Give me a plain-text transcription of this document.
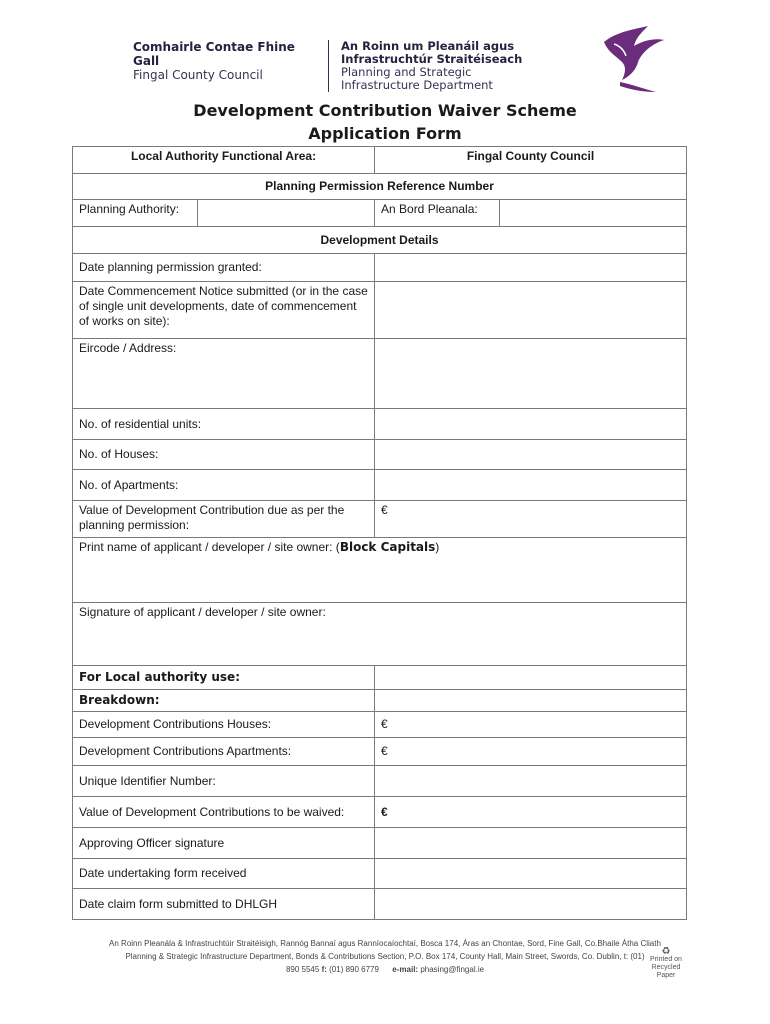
Comhairle Contae Fhine Gall
Fingal County Council
An Roinn um Pleanáil agus
Infrastruchtúr Straitéiseach
Planning and Strategic
Infrastructure Department
Development Contribution Waiver Scheme
Application Form
Local Authority Functional Area:		Fingal County Council	
Planning Permission Reference Number			
Planning Authority:		An Bord Pleanala:	
Development Details			
Date planning permission granted:			
Date Commencement Notice submitted (or in the case of single unit developments, date of commencement of works on site):			
Eircode / Address:			
No. of residential units:			
No. of Houses:			
No. of Apartments:			
Value of Development Contribution due as per the planning permission:		€	
Print name of applicant / developer / site owner: (Block Capitals)			
Signature of applicant / developer / site owner:			
For Local authority use:			
Breakdown:			
Development Contributions Houses:		€	
Development Contributions Apartments:		€	
Unique Identifier Number:			
Value of Development Contributions to be waived:		€	
Approving Officer signature			
Date undertaking form received			
Date claim form submitted to DHLGH			
An Roinn Pleanála & Infrastruchtúir Straitéisigh, Rannóg Bannaí agus Ranníocaíochtaí, Bosca 174, Áras an Chontae, Sord, Fine Gall, Co.Bhaile Átha Cliath
Planning & Strategic Infrastructure Department, Bonds & Contributions Section, P.O. Box 174, County Hall, Main Street, Swords, Co. Dublin, t: (01)
890 5545 f: (01) 890 6779 e-mail: phasing@fingal.ie
♻
Printed on Recycled Paper
